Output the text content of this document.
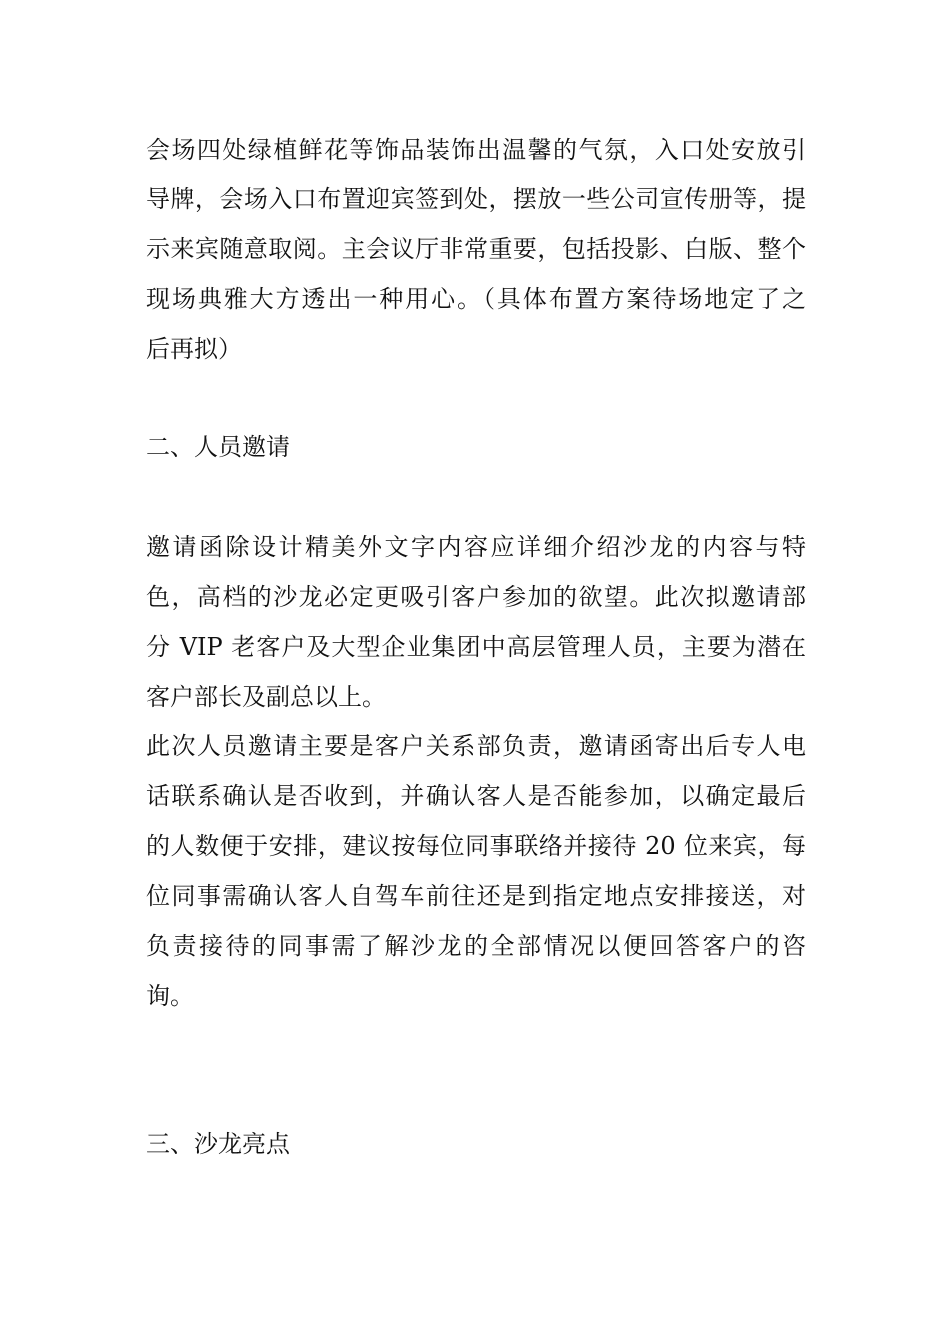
会场四处绿植鲜花等饰品装饰出温馨的气氛，入口处安放引
导牌，会场入口布置迎宾签到处，摆放一些公司宣传册等，提
示来宾随意取阅。主会议厅非常重要，包括投影、白版、整个
现场典雅大方透出一种用心。（具体布置方案待场地定了之
后再拟）
二、人员邀请
邀请函除设计精美外文字内容应详细介绍沙龙的内容与特
色，高档的沙龙必定更吸引客户参加的欲望。此次拟邀请部
分 VIP 老客户及大型企业集团中高层管理人员，主要为潜在
客户部长及副总以上。
此次人员邀请主要是客户关系部负责，邀请函寄出后专人电
话联系确认是否收到，并确认客人是否能参加，以确定最后
的人数便于安排，建议按每位同事联络并接待 20 位来宾，每
位同事需确认客人自驾车前往还是到指定地点安排接送，对
负责接待的同事需了解沙龙的全部情况以便回答客户的咨
询。
三、沙龙亮点
